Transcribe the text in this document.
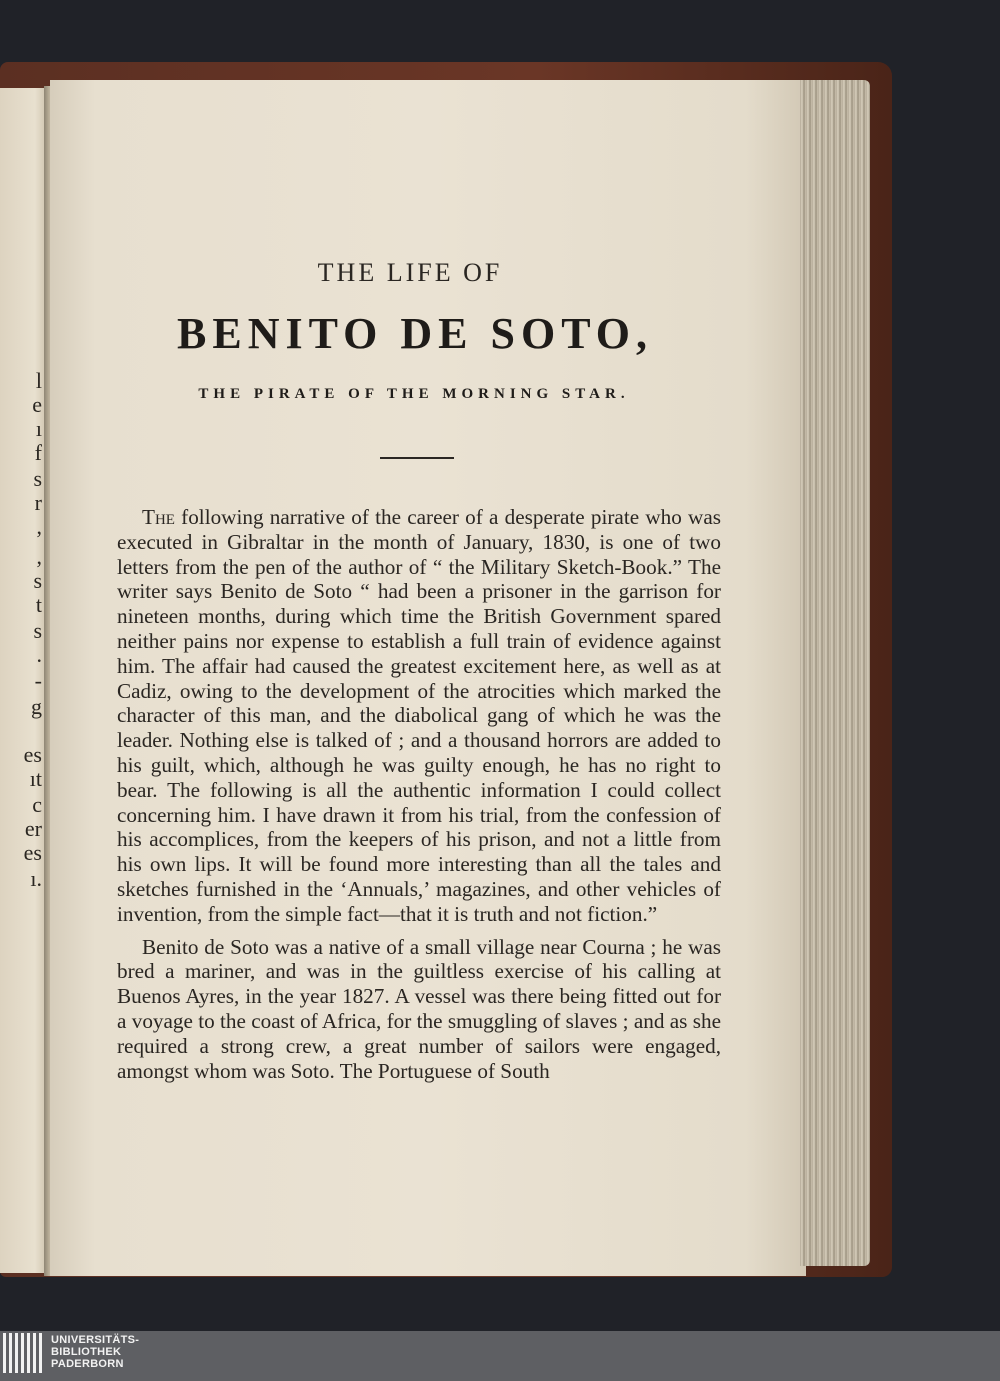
l
e
ı
f
s
r
,
,
s
t
s
.
-
g
es
ıt
c
er
es
ı.
THE LIFE OF
BENITO DE SOTO,
THE PIRATE OF THE MORNING STAR.

The following narrative of the career of a desperate pirate who was executed in Gibraltar in the month of January, 1830, is one of two letters from the pen of the author of “ the Military Sketch-Book.” The writer says Benito de Soto “ had been a prisoner in the garrison for nineteen months, during which time the British Government spared neither pains nor expense to establish a full train of evidence against him. The affair had caused the greatest excitement here, as well as at Cadiz, owing to the development of the atrocities which marked the character of this man, and the diabolical gang of which he was the leader. Nothing else is talked of ; and a thousand horrors are added to his guilt, which, although he was guilty enough, he has no right to bear. The following is all the authentic information I could collect concerning him. I have drawn it from his trial, from the confession of his accomplices, from the keepers of his prison, and not a little from his own lips. It will be found more interesting than all the tales and sketches furnished in the ‘Annuals,’ magazines, and other vehicles of invention, from the simple fact—that it is truth and not fiction.”

Benito de Soto was a native of a small village near Courna ; he was bred a mariner, and was in the guiltless exercise of his calling at Buenos Ayres, in the year 1827. A vessel was there being fitted out for a voyage to the coast of Africa, for the smuggling of slaves ; and as she required a strong crew, a great number of sailors were engaged, amongst whom was Soto. The Portuguese of South

UNIVERSITÄTS-
BIBLIOTHEK
PADERBORN
